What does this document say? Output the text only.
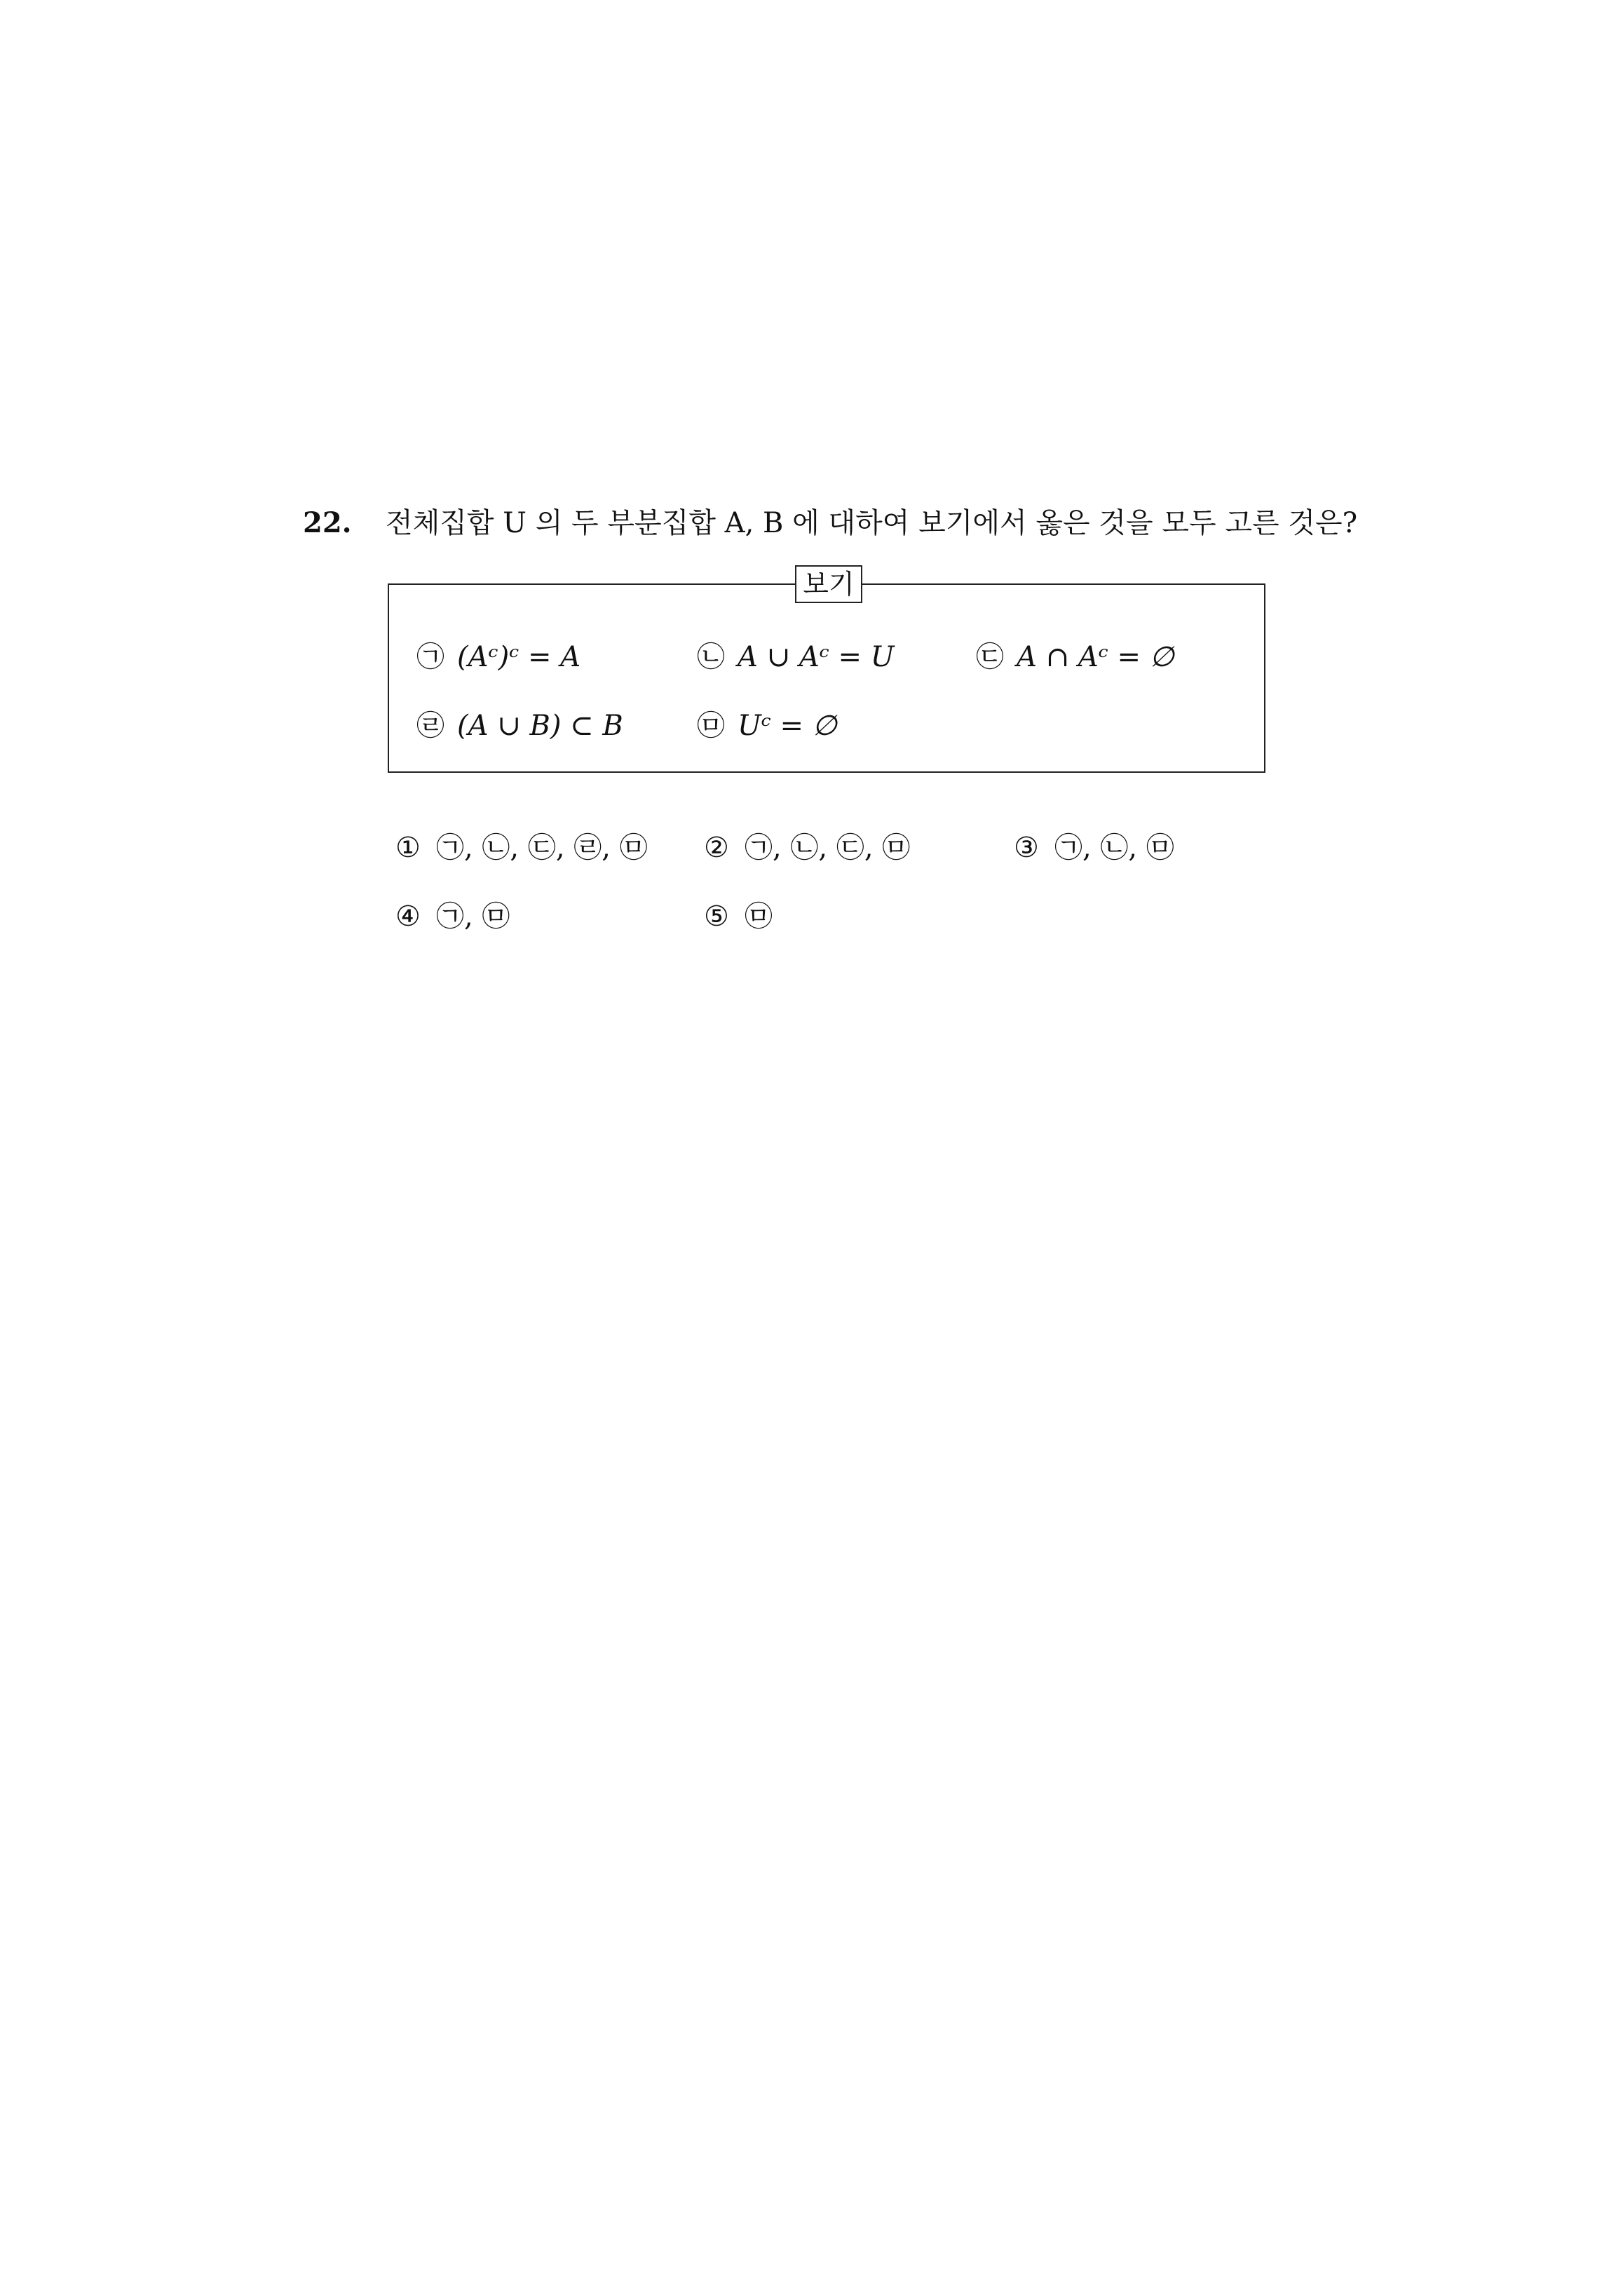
22. 전체집합 U 의 두 부분집합 A, B 에 대하여 보기에서 옳은 것을 모두 고른 것은?
보기
㉠ (Aᶜ)ᶜ = A	㉡ A ∪ Aᶜ = U	㉢ A ∩ Aᶜ = ∅
㉣ (A ∪ B) ⊂ B	㉤ Uᶜ = ∅
① ㉠, ㉡, ㉢, ㉣, ㉤ ② ㉠, ㉡, ㉢, ㉤	③ ㉠, ㉡, ㉤
④ ㉠, ㉤	⑤ ㉤
